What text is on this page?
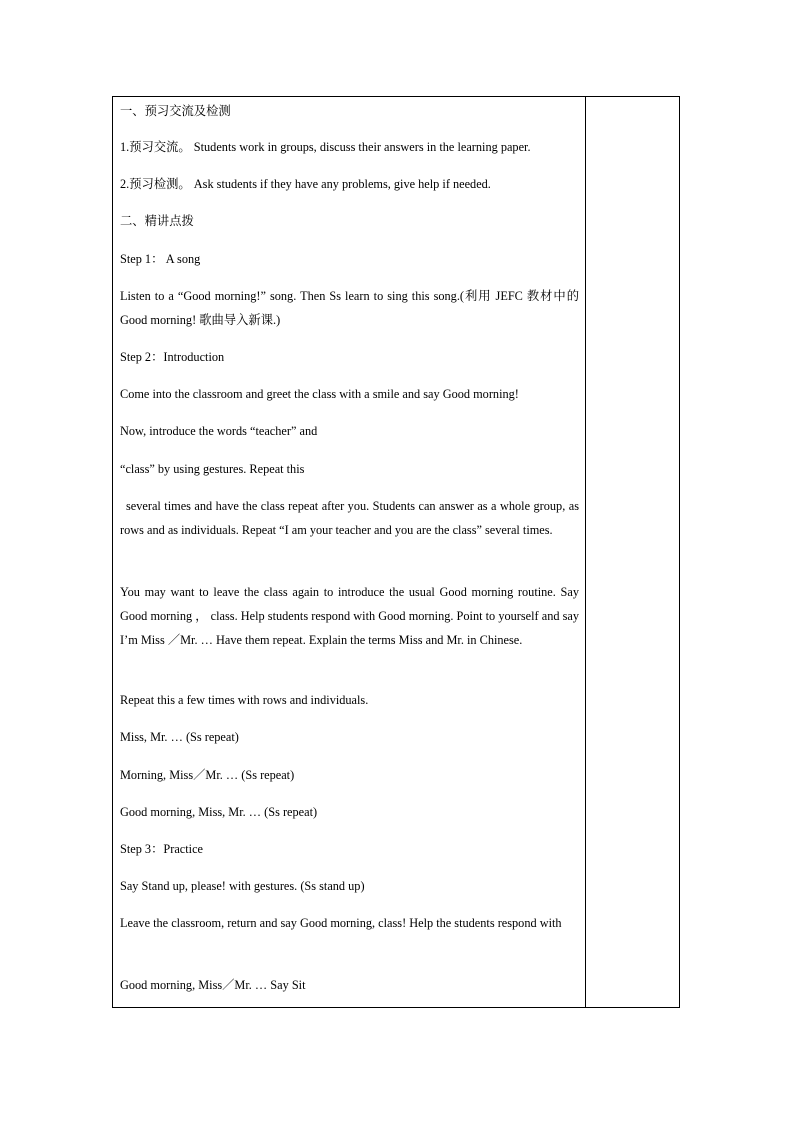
一、预习交流及检测

1.预习交流。 Students work in groups, discuss their answers in the learning paper.

2.预习检测。 Ask students if they have any problems, give help if needed.

二、精讲点拨

Step 1： A song

Listen to a “Good morning!” song. Then Ss learn to sing this song.(利用 JEFC 教材中的 Good morning! 歌曲导入新课.)

Step 2：Introduction

Come into the classroom and greet the class with a smile and say Good morning!

Now, introduce the words “teacher” and

“class” by using gestures. Repeat this

several times and have the class repeat after you. Students can answer as a whole group, as rows and as individuals. Repeat “I am your teacher and you are the class” several times.

You may want to leave the class again to introduce the usual Good morning routine. Say Good morning ， class. Help students respond with Good morning. Point to yourself and say I’m Miss ／Mr. … Have them repeat. Explain the terms Miss and Mr. in Chinese.

Repeat this a few times with rows and individuals.

Miss, Mr. … (Ss repeat)

Morning, Miss／Mr. … (Ss repeat)

Good morning, Miss, Mr. … (Ss repeat)

Step 3：Practice

Say Stand up, please! with gestures. (Ss stand up)

Leave the classroom, return and say Good morning, class! Help the students respond with

Good morning, Miss／Mr. … Say Sit
